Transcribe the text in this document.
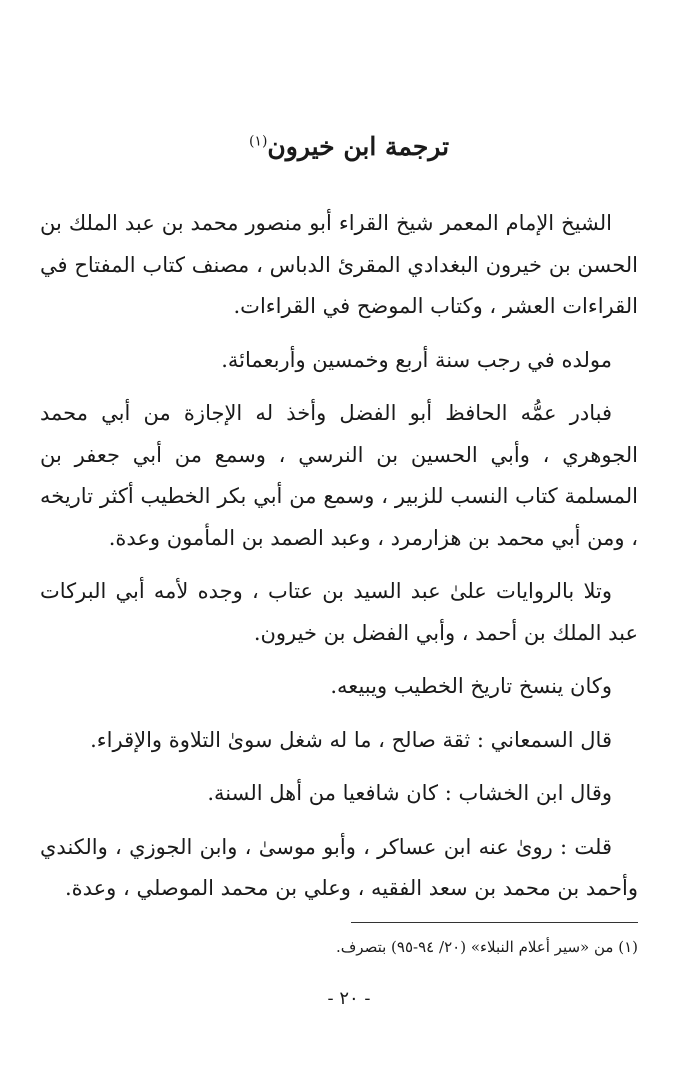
ترجمة ابن خيرون$^{(١)}$

الشيخ الإمام المعمر شيخ القراء أبو منصور محمد بن عبد الملك بن الحسن بن خيرون البغدادي المقرئ الدباس ، مصنف كتاب المفتاح في القراءات العشر ، وكتاب الموضح في القراءات.

مولده في رجب سنة أربع وخمسين وأربعمائة.

فبادر عمُّه الحافظ أبو الفضل وأخذ له الإجازة من أبي محمد الجوهري ، وأبي الحسين بن النرسي ، وسمع من أبي جعفر بن المسلمة كتاب النسب للزبير ، وسمع من أبي بكر الخطيب أكثر تاريخه ، ومن أبي محمد بن هزارمرد ، وعبد الصمد بن المأمون وعدة.

وتلا بالروايات علىٰ عبد السيد بن عتاب ، وجده لأمه أبي البركات عبد الملك بن أحمد ، وأبي الفضل بن خيرون.

وكان ينسخ تاريخ الخطيب ويبيعه.

قال السمعاني : ثقة صالح ، ما له شغل سوىٰ التلاوة والإقراء.

وقال ابن الخشاب : كان شافعيا من أهل السنة.

قلت : روىٰ عنه ابن عساكر ، وأبو موسىٰ ، وابن الجوزي ، والكندي وأحمد بن محمد بن سعد الفقيه ، وعلي بن محمد الموصلي ، وعدة.

(١) من «سير أعلام النبلاء» (٢٠/ ٩٤-٩٥) بتصرف.
- ٢٠ -
